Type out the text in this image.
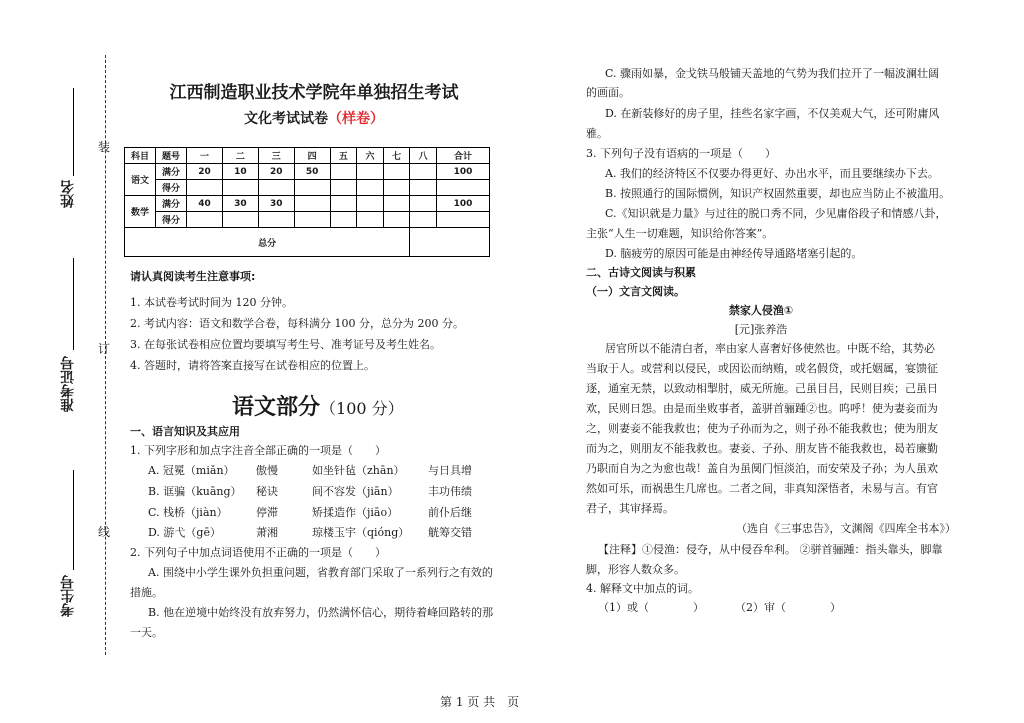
姓名
准考证号
考生号
装
订
线
江西制造职业技术学院年单独招生考试
文化考试试卷（样卷）
科目	题号	一	二	三	四	五	六	七	八	合计
语文	满分	20	10	20	50					100
	得分									
数学	满分	40	30	30						100
	得分									
总分										
请认真阅读考生注意事项:
1. 本试卷考试时间为 120 分钟。
2. 考试内容：语文和数学合卷，每科满分 100 分，总分为 200 分。
3. 在每张试卷相应位置均要填写考生号、准考证号及考生姓名。
4. 答题时，请将答案直接写在试卷相应的位置上。
语文部分（100 分）
一、语言知识及其应用
1. 下列字形和加点字注音全部正确的一项是（　　）
A. 冠冕（miǎn） 傲慢	如坐针毡（zhān） 与日具增
B. 诓骗（kuāng） 秘诀	间不容发（jiān）	丰功伟绩
C. 栈桥（jiàn）	停滞	矫揉造作（jiāo）	前仆后继
D. 游弋（gē）	萧湘	琼楼玉宇（qióng） 觥筹交错
2. 下列句子中加点词语使用不正确的一项是（　　）
A. 围绕中小学生课外负担重问题，省教育部门采取了一系列行之有效的
措施。
B. 他在逆境中始终没有放弃努力，仍然满怀信心，期待着峰回路转的那
一天。
C. 骤雨如暴，金戈铁马般铺天盖地的气势为我们拉开了一幅波澜壮阔
的画面。
D. 在新装修好的房子里，挂些名家字画，不仅美观大气，还可附庸风
雅。
3. 下列句子没有语病的一项是（　　）
A. 我们的经济特区不仅要办得更好、办出水平，而且要继续办下去。
B. 按照通行的国际惯例，知识产权固然重要，却也应当防止不被滥用。
C.《知识就是力量》与过往的脱口秀不同，少见庸俗段子和情感八卦，
主张“人生一切难题，知识给你答案”。
D. 脑疲劳的原因可能是由神经传导通路堵塞引起的。
二、古诗文阅读与积累
（一）文言文阅读。
禁家人侵渔①
[元]张养浩
居官所以不能清白者，率由家人喜奢好侈使然也。中既不给，其势必
当取于人。或营利以侵民，或因讼而纳贿，或名假贷，或托姻属，宴馈征
逐，通室无禁，以致动相掣肘，威无所施。己虽目吕，民则目疾；己虽日
欢，民则日怨。由是而坐败事者，盖骈首骊踵②也。呜呼！使为妻妾而为
之，则妻妾不能我救也；使为子孙而为之，则子孙不能我救也；使为朋友
而为之，则朋友不能我救也。妻妾、子孙、朋友皆不能我救也，曷若廉勤
乃职而自为之为愈也哉！盖自为虽阒门恒淡泊，而安荣及子孙；为人虽欢
然如可乐，而祸患生几席也。二者之间，非真知深悟者，未易与言。有官
君子，其审择焉。
（选自《三事忠告》，文渊阁《四库全书本》）
【注释】①侵渔：侵夺，从中侵吞牟利。 ②骈首骊踵：指头靠头，脚靠
脚，形容人数众多。
4. 解释文中加点的词。
（1）或（　　　　）	（2）审（　　　　）
第 1 页 共　页
